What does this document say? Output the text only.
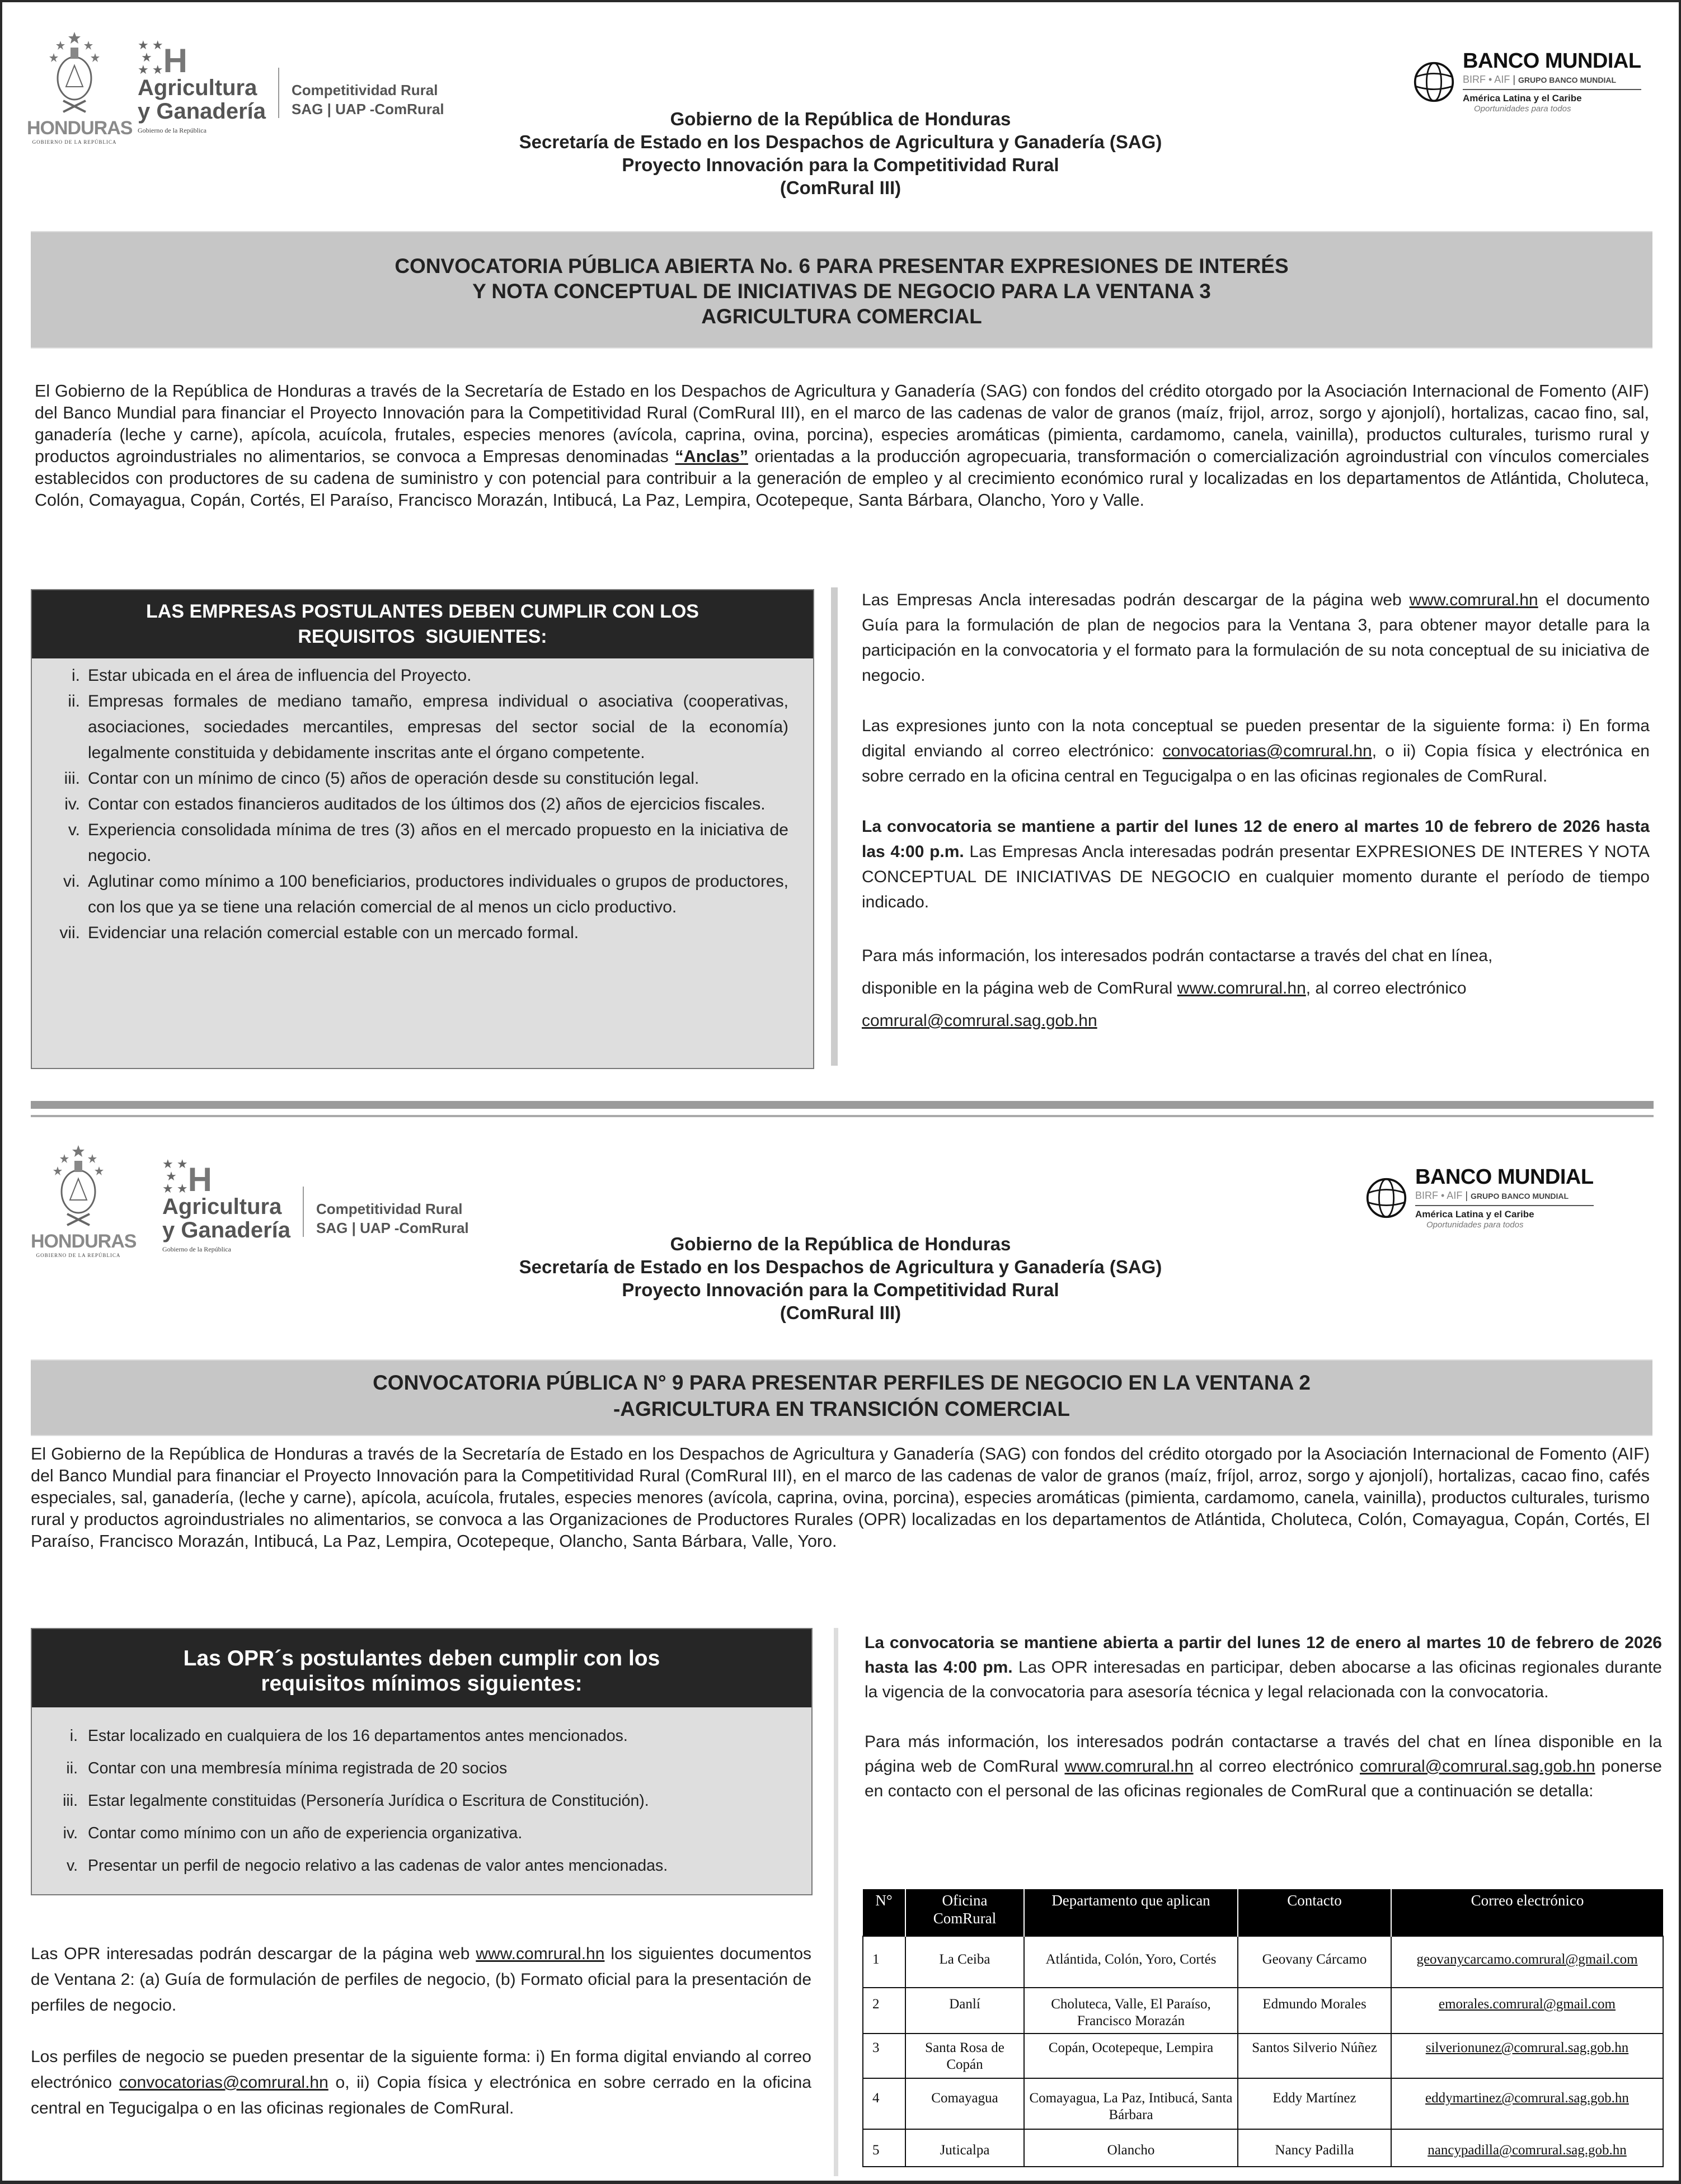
HONDURAS
GOBIERNO DE LA REPÚBLICA
★ ★
★
★ ★ H
Agricultura
y Ganadería
Gobierno de la República
Competitividad Rural
SAG | UAP -ComRural
BANCO MUNDIAL
BIRF • AIF | GRUPO BANCO MUNDIAL
América Latina y el Caribe
Oportunidades para todos
Gobierno de la República de Honduras
Secretaría de Estado en los Despachos de Agricultura y Ganadería (SAG)
Proyecto Innovación para la Competitividad Rural
(ComRural III)
CONVOCATORIA PÚBLICA ABIERTA No. 6 PARA PRESENTAR EXPRESIONES DE INTERÉS
Y NOTA CONCEPTUAL DE INICIATIVAS DE NEGOCIO PARA LA VENTANA 3
AGRICULTURA COMERCIAL
El Gobierno de la República de Honduras a través de la Secretaría de Estado en los Despachos de Agricultura y Ganadería (SAG) con fondos del crédito otorgado por la Asociación Internacional de Fomento (AIF) del Banco Mundial para financiar el Proyecto Innovación para la Competitividad Rural (ComRural III), en el marco de las cadenas de valor de granos (maíz, frijol, arroz, sorgo y ajonjolí), hortalizas, cacao fino, sal, ganadería (leche y carne), apícola, acuícola, frutales, especies menores (avícola, caprina, ovina, porcina), especies aromáticas (pimienta, cardamomo, canela, vainilla), productos culturales, turismo rural y productos agroindustriales no alimentarios, se convoca a Empresas denominadas “Anclas” orientadas a la producción agropecuaria, transformación o comercialización agroindustrial con vínculos comerciales establecidos con productores de su cadena de suministro y con potencial para contribuir a la generación de empleo y al crecimiento económico rural y localizadas en los departamentos de Atlántida, Choluteca, Colón, Comayagua, Copán, Cortés, El Paraíso, Francisco Morazán, Intibucá, La Paz, Lempira, Ocotepeque, Santa Bárbara, Olancho, Yoro y Valle.
LAS EMPRESAS POSTULANTES DEBEN CUMPLIR CON LOS
REQUISITOS  SIGUIENTES:
i. Estar ubicada en el área de influencia del Proyecto.
ii. Empresas formales de mediano tamaño, empresa individual o asociativa (cooperativas, asociaciones, sociedades mercantiles, empresas del sector social de la economía) legalmente constituida y debidamente inscritas ante el órgano competente.
iii. Contar con un mínimo de cinco (5) años de operación desde su constitución legal.
iv. Contar con estados financieros auditados de los últimos dos (2) años de ejercicios fiscales.
v. Experiencia consolidada mínima de tres (3) años en el mercado propuesto en la iniciativa de negocio.
vi. Aglutinar como mínimo a 100 beneficiarios, productores individuales o grupos de productores, con los que ya se tiene una relación comercial de al menos un ciclo productivo.
vii. Evidenciar una relación comercial estable con un mercado formal.

Las Empresas Ancla interesadas podrán descargar de la página web www.comrural.hn el documento Guía para la formulación de plan de negocios para la Ventana 3, para obtener mayor detalle para la participación en la convocatoria y el formato para la formulación de su nota conceptual de su iniciativa de negocio.

Las expresiones junto con la nota conceptual se pueden presentar de la siguiente forma: i) En forma digital enviando al correo electrónico: convocatorias@comrural.hn, o ii) Copia física y electrónica en sobre cerrado en la oficina central en Tegucigalpa o en las oficinas regionales de ComRural.

La convocatoria se mantiene a partir del lunes 12 de enero al martes 10 de febrero de 2026 hasta las 4:00 p.m. Las Empresas Ancla interesadas podrán presentar EXPRESIONES DE INTERES Y NOTA CONCEPTUAL DE INICIATIVAS DE NEGOCIO en cualquier momento durante el período de tiempo indicado.

Para más información, los interesados podrán contactarse a través del chat en línea,
disponible en la página web de ComRural www.comrural.hn, al correo electrónico
comrural@comrural.sag.gob.hn
HONDURAS
GOBIERNO DE LA REPÚBLICA
★ ★
★
★ ★ H
Agricultura
y Ganadería
Gobierno de la República
Competitividad Rural
SAG | UAP -ComRural
BANCO MUNDIAL
BIRF • AIF | GRUPO BANCO MUNDIAL
América Latina y el Caribe
Oportunidades para todos
Gobierno de la República de Honduras
Secretaría de Estado en los Despachos de Agricultura y Ganadería (SAG)
Proyecto Innovación para la Competitividad Rural
(ComRural III)
CONVOCATORIA PÚBLICA N° 9 PARA PRESENTAR PERFILES DE NEGOCIO EN LA VENTANA 2
-AGRICULTURA EN TRANSICIÓN COMERCIAL
El Gobierno de la República de Honduras a través de la Secretaría de Estado en los Despachos de Agricultura y Ganadería (SAG) con fondos del crédito otorgado por la Asociación Internacional de Fomento (AIF) del Banco Mundial para financiar el Proyecto Innovación para la Competitividad Rural (ComRural III), en el marco de las cadenas de valor de granos (maíz, fríjol, arroz, sorgo y ajonjolí), hortalizas, cacao fino, cafés especiales, sal, ganadería, (leche y carne), apícola, acuícola, frutales, especies menores (avícola, caprina, ovina, porcina), especies aromáticas (pimienta, cardamomo, canela, vainilla), productos culturales, turismo rural y productos agroindustriales no alimentarios, se convoca a las Organizaciones de Productores Rurales (OPR) localizadas en los departamentos de Atlántida, Choluteca, Colón, Comayagua, Copán, Cortés, El Paraíso, Francisco Morazán, Intibucá, La Paz, Lempira, Ocotepeque, Olancho, Santa Bárbara, Valle, Yoro.
Las OPR´s postulantes deben cumplir con los
requisitos mínimos siguientes:
i. Estar localizado en cualquiera de los 16 departamentos antes mencionados.
ii. Contar con una membresía mínima registrada de 20 socios
iii. Estar legalmente constituidas (Personería Jurídica o Escritura de Constitución).
iv. Contar como mínimo con un año de experiencia organizativa.
v. Presentar un perfil de negocio relativo a las cadenas de valor antes mencionadas.

Las OPR interesadas podrán descargar de la página web www.comrural.hn los siguientes documentos de Ventana 2: (a) Guía de formulación de perfiles de negocio, (b) Formato oficial para la presentación de perfiles de negocio.

Los perfiles de negocio se pueden presentar de la siguiente forma: i) En forma digital enviando al correo electrónico convocatorias@comrural.hn o, ii) Copia física y electrónica en sobre cerrado en la oficina central en Tegucigalpa o en las oficinas regionales de ComRural.

La convocatoria se mantiene abierta a partir del lunes 12 de enero al martes 10 de febrero de 2026 hasta las 4:00 pm. Las OPR interesadas en participar, deben abocarse a las oficinas regionales durante la vigencia de la convocatoria para asesoría técnica y legal relacionada con la convocatoria.

Para más información, los interesados podrán contactarse a través del chat en línea disponible en la página web de ComRural www.comrural.hn al correo electrónico comrural@comrural.sag.gob.hn ponerse en contacto con el personal de las oficinas regionales de ComRural que a continuación se detalla:

N°	Oficina ComRural	Departamento que aplican	Contacto	Correo electrónico
1	La Ceiba	Atlántida, Colón, Yoro, Cortés	Geovany Cárcamo	geovanycarcamo.comrural@gmail.com
2	Danlí	Choluteca, Valle, El Paraíso, Francisco Morazán	Edmundo Morales	emorales.comrural@gmail.com
3	Santa Rosa de Copán	Copán, Ocotepeque, Lempira	Santos Silverio Núñez	silverionunez@comrural.sag.gob.hn
4	Comayagua	Comayagua, La Paz, Intibucá, Santa Bárbara	Eddy Martínez	eddymartinez@comrural.sag.gob.hn
5	Juticalpa	Olancho	Nancy Padilla	nancypadilla@comrural.sag.gob.hn
